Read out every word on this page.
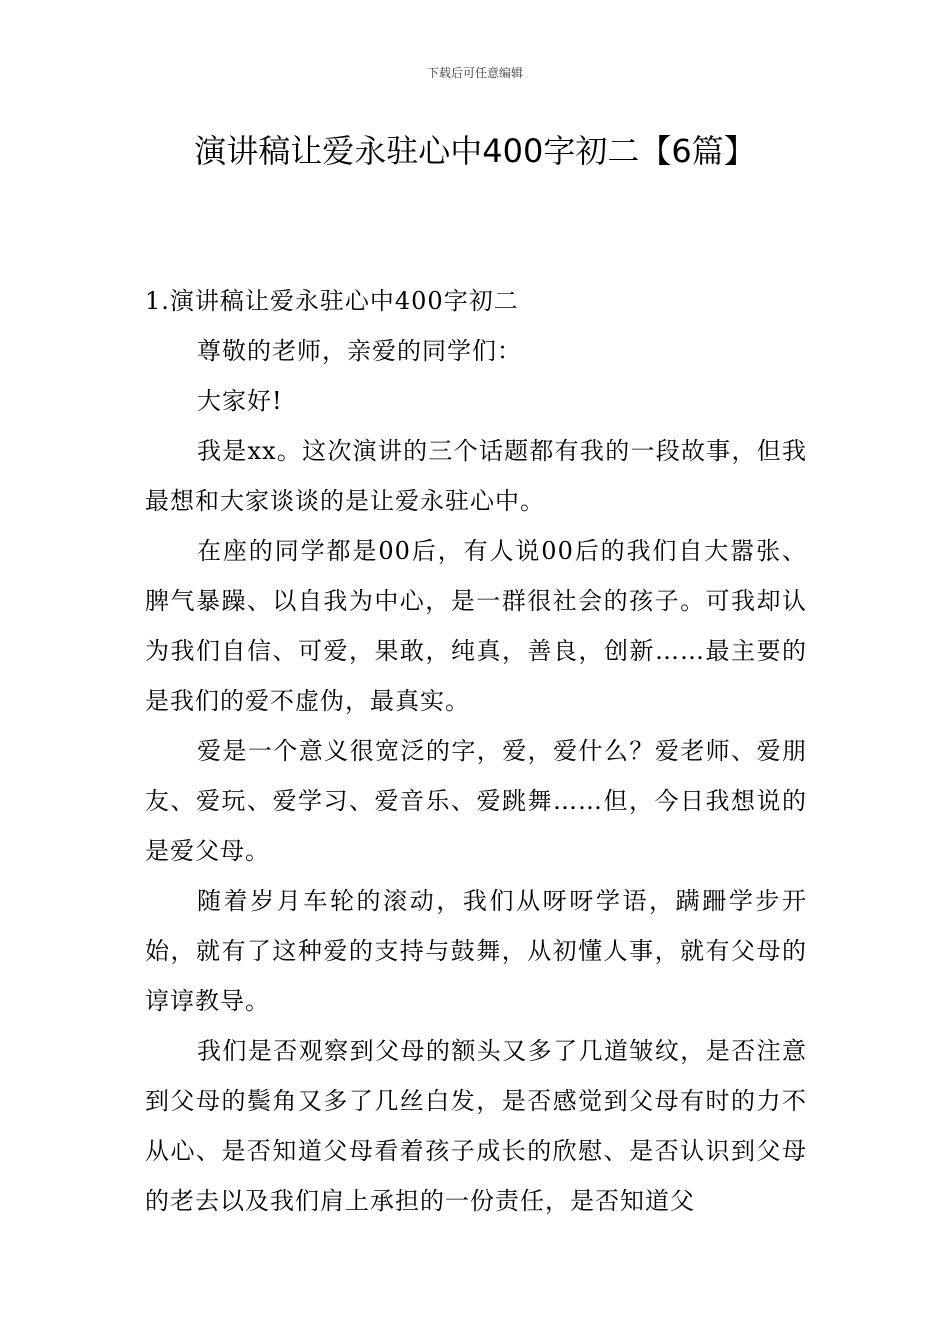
下载后可任意编辑
演讲稿让爱永驻心中400字初二【6篇】

1.演讲稿让爱永驻心中400字初二

尊敬的老师，亲爱的同学们：

大家好!

我是xx。这次演讲的三个话题都有我的一段故事，但我最想和大家谈谈的是让爱永驻心中。

在座的同学都是00后，有人说00后的我们自大嚣张、脾气暴躁、以自我为中心，是一群很社会的孩子。可我却认为我们自信、可爱，果敢，纯真，善良，创新……最主要的是我们的爱不虚伪，最真实。

爱是一个意义很宽泛的字，爱，爱什么？爱老师、爱朋友、爱玩、爱学习、爱音乐、爱跳舞……但，今日我想说的是爱父母。

随着岁月车轮的滚动，我们从呀呀学语，蹒跚学步开始，就有了这种爱的支持与鼓舞，从初懂人事，就有父母的谆谆教导。

我们是否观察到父母的额头又多了几道皱纹，是否注意到父母的鬓角又多了几丝白发，是否感觉到父母有时的力不从心、是否知道父母看着孩子成长的欣慰、是否认识到父母的老去以及我们肩上承担的一份责任，是否知道父
